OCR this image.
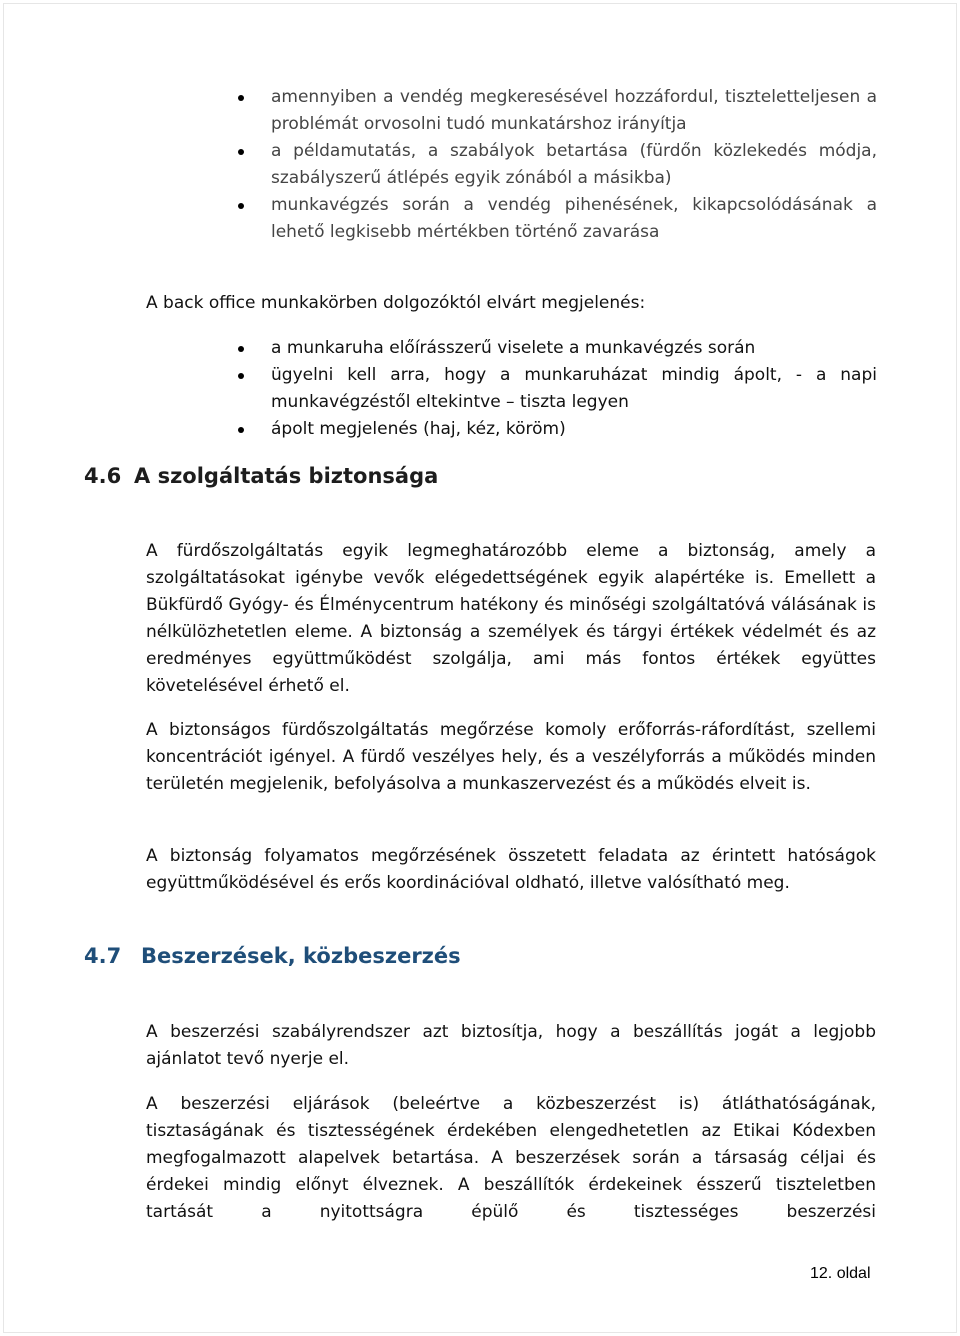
amennyiben a vendég megkeresésével hozzáfordul, tiszteletteljesen a problémát orvosolni tudó munkatárshoz irányítja
a példamutatás, a szabályok betartása (fürdőn közlekedés módja, szabályszerű átlépés egyik zónából a másikba)
munkavégzés során a vendég pihenésének, kikapcsolódásának a lehető legkisebb mértékben történő zavarása

A back office munkakörben dolgozóktól elvárt megjelenés:

a munkaruha előírásszerű viselete a munkavégzés során
ügyelni kell arra, hogy a munkaruházat mindig ápolt, - a napi munkavégzéstől eltekintve – tiszta legyen
ápolt megjelenés (haj, kéz, köröm)
4.6 A szolgáltatás biztonsága

A fürdőszolgáltatás egyik legmeghatározóbb eleme a biztonság, amely a szolgáltatásokat igénybe vevők elégedettségének egyik alapértéke is. Emellett a Bükfürdő Gyógy- és Élménycentrum hatékony és minőségi szolgáltatóvá válásának is nélkülözhetetlen eleme. A biztonság a személyek és tárgyi értékek védelmét és az eredményes együttműködést szolgálja, ami más fontos értékek együttes követelésével érhető el.

A biztonságos fürdőszolgáltatás megőrzése komoly erőforrás-ráfordítást, szellemi koncentrációt igényel. A fürdő veszélyes hely, és a veszélyforrás a működés minden területén megjelenik, befolyásolva a munkaszervezést és a működés elveit is.

A biztonság folyamatos megőrzésének összetett feladata az érintett hatóságok együttműködésével és erős koordinációval oldható, illetve valósítható meg.

4.7 Beszerzések, közbeszerzés

A beszerzési szabályrendszer azt biztosítja, hogy a beszállítás jogát a legjobb ajánlatot tevő nyerje el.

A beszerzési eljárások (beleértve a közbeszerzést is) átláthatóságának, tisztaságának és tisztességének érdekében elengedhetetlen az Etikai Kódexben megfogalmazott alapelvek betartása. A beszerzések során a társaság céljai és érdekei mindig előnyt élveznek. A beszállítók érdekeinek ésszerű tiszteletben tartását a nyitottságra épülő és tisztességes beszerzési

12. oldal
